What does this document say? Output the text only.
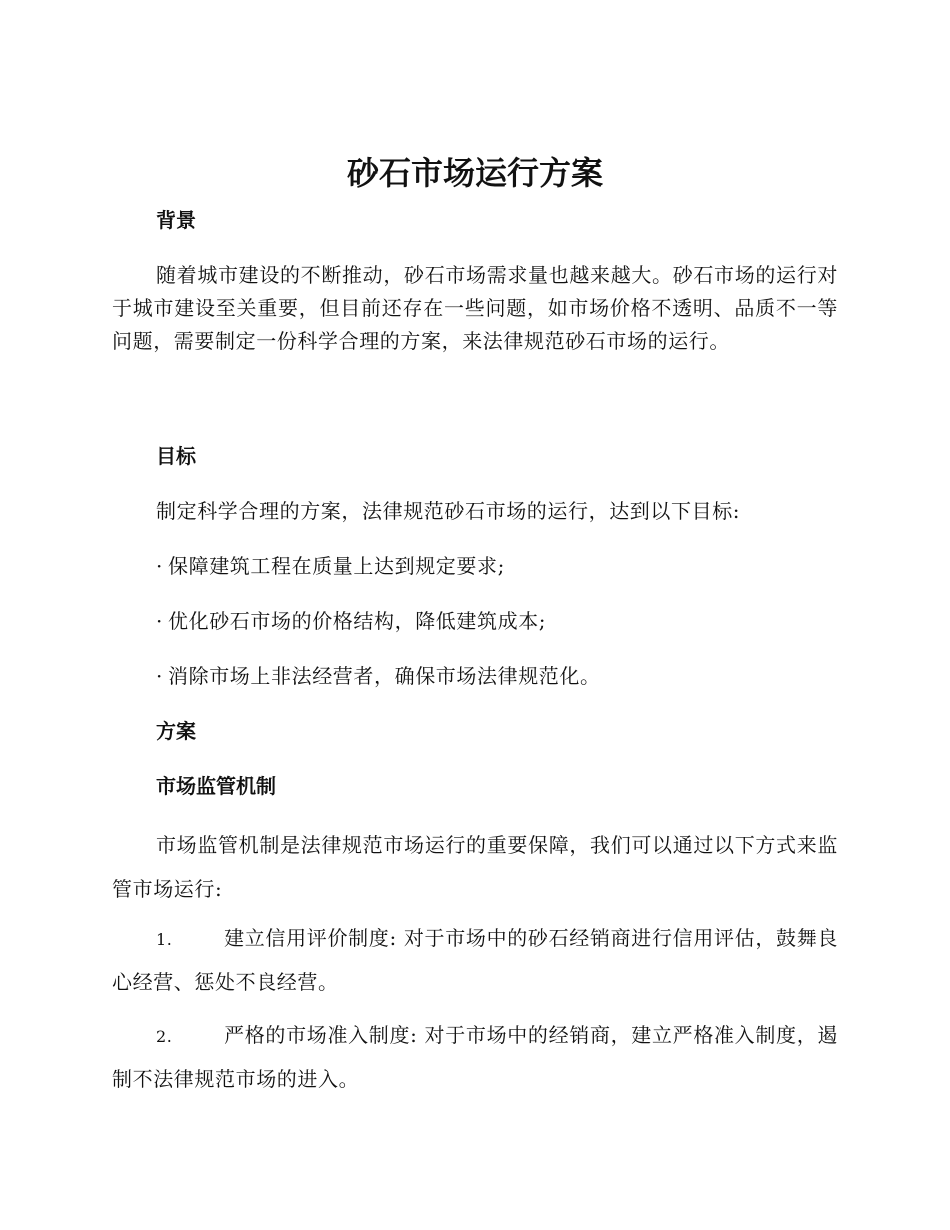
砂石市场运行方案
背景

随着城市建设的不断推动，砂石市场需求量也越来越大。砂石市场的运行对于城市建设至关重要，但目前还存在一些问题，如市场价格不透明、品质不一等问题，需要制定一份科学合理的方案，来法律规范砂石市场的运行。

目标

制定科学合理的方案，法律规范砂石市场的运行，达到以下目标:

· 保障建筑工程在质量上达到规定要求;

· 优化砂石市场的价格结构，降低建筑成本;

· 消除市场上非法经营者，确保市场法律规范化。

方案
市场监管机制

市场监管机制是法律规范市场运行的重要保障，我们可以通过以下方式来监管市场运行:

1.	建立信用评价制度: 对于市场中的砂石经销商进行信用评估，鼓舞良心经营、惩处不良经营。

2.	严格的市场准入制度: 对于市场中的经销商，建立严格准入制度，遏制不法律规范市场的进入。
